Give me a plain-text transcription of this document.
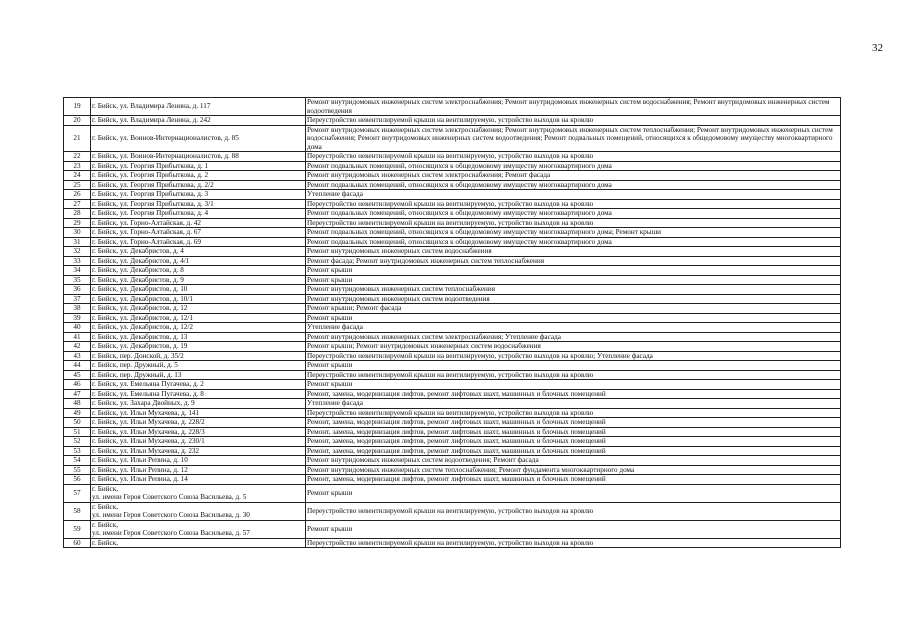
32
19	г. Бийск, ул. Владимира Ленина, д. 117	Ремонт внутридомовых инженерных систем электроснабжения; Ремонт внутридомовых инженерных систем водоснабжения; Ремонт внутридомовых инженерных систем водоотведения
20	г. Бийск, ул. Владимира Ленина, д. 242	Переустройство невентилируемой крыши на вентилируемую, устройство выходов на кровлю
21	г. Бийск, ул. Воинов-Интернационалистов, д. 85	Ремонт внутридомовых инженерных систем электроснабжения; Ремонт внутридомовых инженерных систем теплоснабжения; Ремонт внутридомовых инженерных систем водоснабжения; Ремонт внутридомовых инженерных систем водоотведения; Ремонт подвальных помещений, относящихся к общедомовому имуществу многоквартирного дома
22	г. Бийск, ул. Воинов-Интернационалистов, д. 88	Переустройство невентилируемой крыши на вентилируемую, устройство выходов на кровлю
23	г. Бийск, ул. Георгия Прибыткова, д. 1	Ремонт подвальных помещений, относящихся к общедомовому имуществу многоквартирного дома
24	г. Бийск, ул. Георгия Прибыткова, д. 2	Ремонт внутридомовых инженерных систем электроснабжения; Ремонт фасада
25	г. Бийск, ул. Георгия Прибыткова, д. 2/2	Ремонт подвальных помещений, относящихся к общедомовому имуществу многоквартирного дома
26	г. Бийск, ул. Георгия Прибыткова, д. 3	Утепление фасада
27	г. Бийск, ул. Георгия Прибыткова, д. 3/1	Переустройство невентилируемой крыши на вентилируемую, устройство выходов на кровлю
28	г. Бийск, ул. Георгия Прибыткова, д. 4	Ремонт подвальных помещений, относящихся к общедомовому имуществу многоквартирного дома
29	г. Бийск, ул. Горно-Алтайская, д. 42	Переустройство невентилируемой крыши на вентилируемую, устройство выходов на кровлю
30	г. Бийск, ул. Горно-Алтайская, д. 67	Ремонт подвальных помещений, относящихся к общедомовому имуществу многоквартирного дома; Ремонт крыши
31	г. Бийск, ул. Горно-Алтайская, д. 69	Ремонт подвальных помещений, относящихся к общедомовому имуществу многоквартирного дома
32	г. Бийск, ул. Декабристов, д. 4	Ремонт внутридомовых инженерных систем водоснабжения
33	г. Бийск, ул. Декабристов, д. 4/1	Ремонт фасада; Ремонт внутридомовых инженерных систем теплоснабжения
34	г. Бийск, ул. Декабристов, д. 8	Ремонт крыши
35	г. Бийск, ул. Декабристов, д. 9	Ремонт крыши
36	г. Бийск, ул. Декабристов, д. 10	Ремонт внутридомовых инженерных систем теплоснабжения
37	г. Бийск, ул. Декабристов, д. 10/1	Ремонт внутридомовых инженерных систем водоотведения
38	г. Бийск, ул. Декабристов, д. 12	Ремонт крыши; Ремонт фасада
39	г. Бийск, ул. Декабристов, д. 12/1	Ремонт крыши
40	г. Бийск, ул. Декабристов, д. 12/2	Утепление фасада
41	г. Бийск, ул. Декабристов, д. 13	Ремонт внутридомовых инженерных систем электроснабжения; Утепление фасада
42	г. Бийск, ул. Декабристов, д. 19	Ремонт крыши; Ремонт внутридомовых инженерных систем водоснабжения
43	г. Бийск, пер. Донской, д. 35/2	Переустройство невентилируемой крыши на вентилируемую, устройство выходов на кровлю; Утепление фасада
44	г. Бийск, пер. Дружный, д. 5	Ремонт крыши
45	г. Бийск, пер. Дружный, д. 13	Переустройство невентилируемой крыши на вентилируемую, устройство выходов на кровлю
46	г. Бийск, ул. Емельяна Пугачева, д. 2	Ремонт крыши
47	г. Бийск, ул. Емельяна Пугачева, д. 8	Ремонт, замена, модернизация лифтов, ремонт лифтовых шахт, машинных и блочных помещений
48	г. Бийск, ул. Захара Двойных, д. 9	Утепление фасада
49	г. Бийск, ул. Ильи Мухачева, д. 141	Переустройство невентилируемой крыши на вентилируемую, устройство выходов на кровлю
50	г. Бийск, ул. Ильи Мухачева, д. 228/2	Ремонт, замена, модернизация лифтов, ремонт лифтовых шахт, машинных и блочных помещений
51	г. Бийск, ул. Ильи Мухачева, д. 228/3	Ремонт, замена, модернизация лифтов, ремонт лифтовых шахт, машинных и блочных помещений
52	г. Бийск, ул. Ильи Мухачева, д. 230/1	Ремонт, замена, модернизация лифтов, ремонт лифтовых шахт, машинных и блочных помещений
53	г. Бийск, ул. Ильи Мухачева, д. 232	Ремонт, замена, модернизация лифтов, ремонт лифтовых шахт, машинных и блочных помещений
54	г. Бийск, ул. Ильи Репина, д. 10	Ремонт внутридомовых инженерных систем водоотведения; Ремонт фасада
55	г. Бийск, ул. Ильи Репина, д. 12	Ремонт внутридомовых инженерных систем теплоснабжения; Ремонт фундамента многоквартирного дома
56	г. Бийск, ул. Ильи Репина, д. 14	Ремонт, замена, модернизация лифтов, ремонт лифтовых шахт, машинных и блочных помещений
57	г. Бийск,
ул. имени Героя Советского Союза Васильева, д. 5	Ремонт крыши
58	г. Бийск,
ул. имени Героя Советского Союза Васильева, д. 30	Переустройство невентилируемой крыши на вентилируемую, устройство выходов на кровлю
59	г. Бийск,
ул. имени Героя Советского Союза Васильева, д. 57	Ремонт крыши
60	г. Бийск,	Переустройство невентилируемой крыши на вентилируемую, устройство выходов на кровлю
